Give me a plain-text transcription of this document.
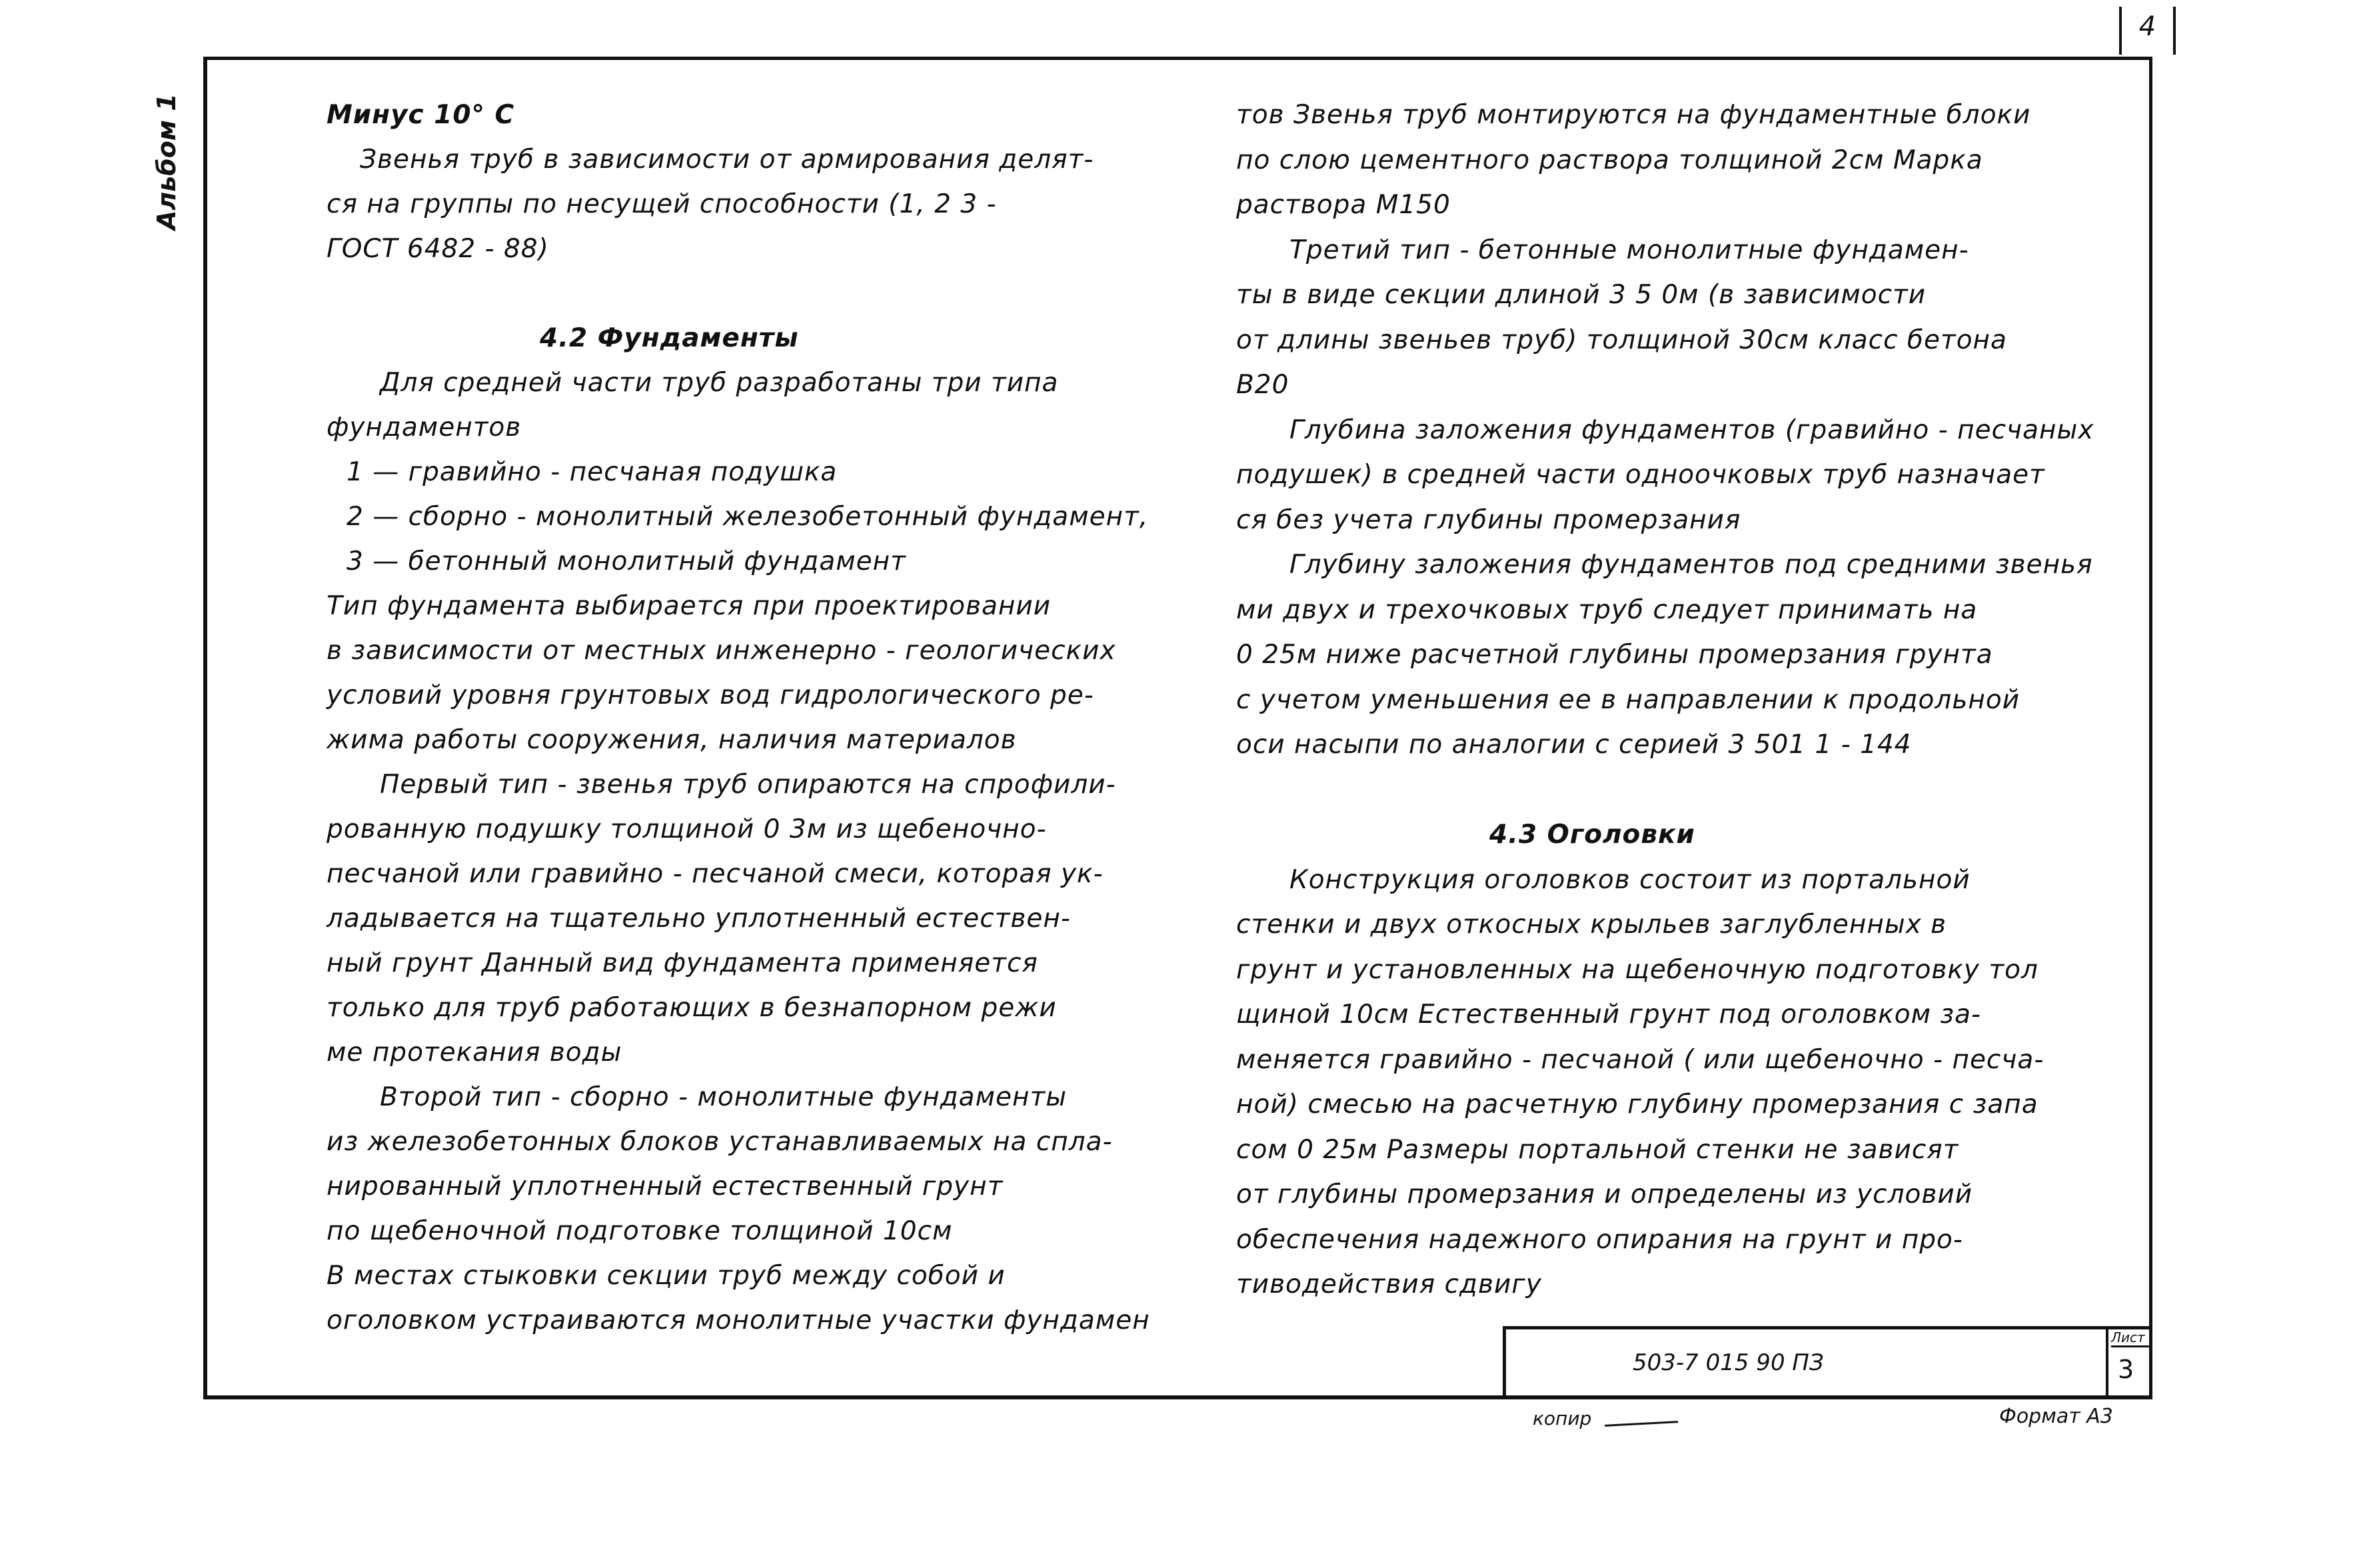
4
Альбом 1	Минус 10° С
Звенья труб в зависимости от армирования делят-
ся на группы по несущей способности (1, 2 3 -
ГОСТ 6482 - 88)
4.2 Фундаменты
Для средней части труб разработаны три типа
фундаментов
1 — гравийно - песчаная подушка
2 — сборно - монолитный железобетонный фундамент,
3 — бетонный монолитный фундамент
Тип фундамента выбирается при проектировании
в зависимости от местных инженерно - геологических
условий уровня грунтовых вод гидрологического ре-
жима работы сооружения, наличия материалов
Первый тип - звенья труб опираются на спрофили-
рованную подушку толщиной 0 3м из щебеночно-
песчаной или гравийно - песчаной смеси, которая ук-
ладывается на тщательно уплотненный естествен-
ный грунт Данный вид фундамента применяется
только для труб работающих в безнапорном режи
ме протекания воды
Второй тип - сборно - монолитные фундаменты
из железобетонных блоков устанавливаемых на спла-
нированный уплотненный естественный грунт
по щебеночной подготовке толщиной 10см
В местах стыковки секции труб между собой и
оголовком устраиваются монолитные участки фундамен
тов Звенья труб монтируются на фундаментные блоки
по слою цементного раствора толщиной 2см Марка
раствора М150
Третий тип - бетонные монолитные фундамен-
ты в виде секции длиной 3 5 0м (в зависимости
от длины звеньев труб) толщиной 30см класс бетона
В20
Глубина заложения фундаментов (гравийно - песчаных
подушек) в средней части одноочковых труб назначает
ся без учета глубины промерзания
Глубину заложения фундаментов под средними звенья
ми двух и трехочковых труб следует принимать на
0 25м ниже расчетной глубины промерзания грунта
с учетом уменьшения ее в направлении к продольной
оси насыпи по аналогии с серией 3 501 1 - 144
4.3 Оголовки
Конструкция оголовков состоит из портальной
стенки и двух откосных крыльев заглубленных в
грунт и установленных на щебеночную подготовку тол
щиной 10см Естественный грунт под оголовком за-
меняется гравийно - песчаной ( или щебеночно - песча-
ной) смесью на расчетную глубину промерзания с запа
сом 0 25м Размеры портальной стенки не зависят
от глубины промерзания и определены из условий
обеспечения надежного опирания на грунт и про-
тиводействия сдвигу
503-7 015 90 ПЗ
Лист
3
копир	Формат А3
